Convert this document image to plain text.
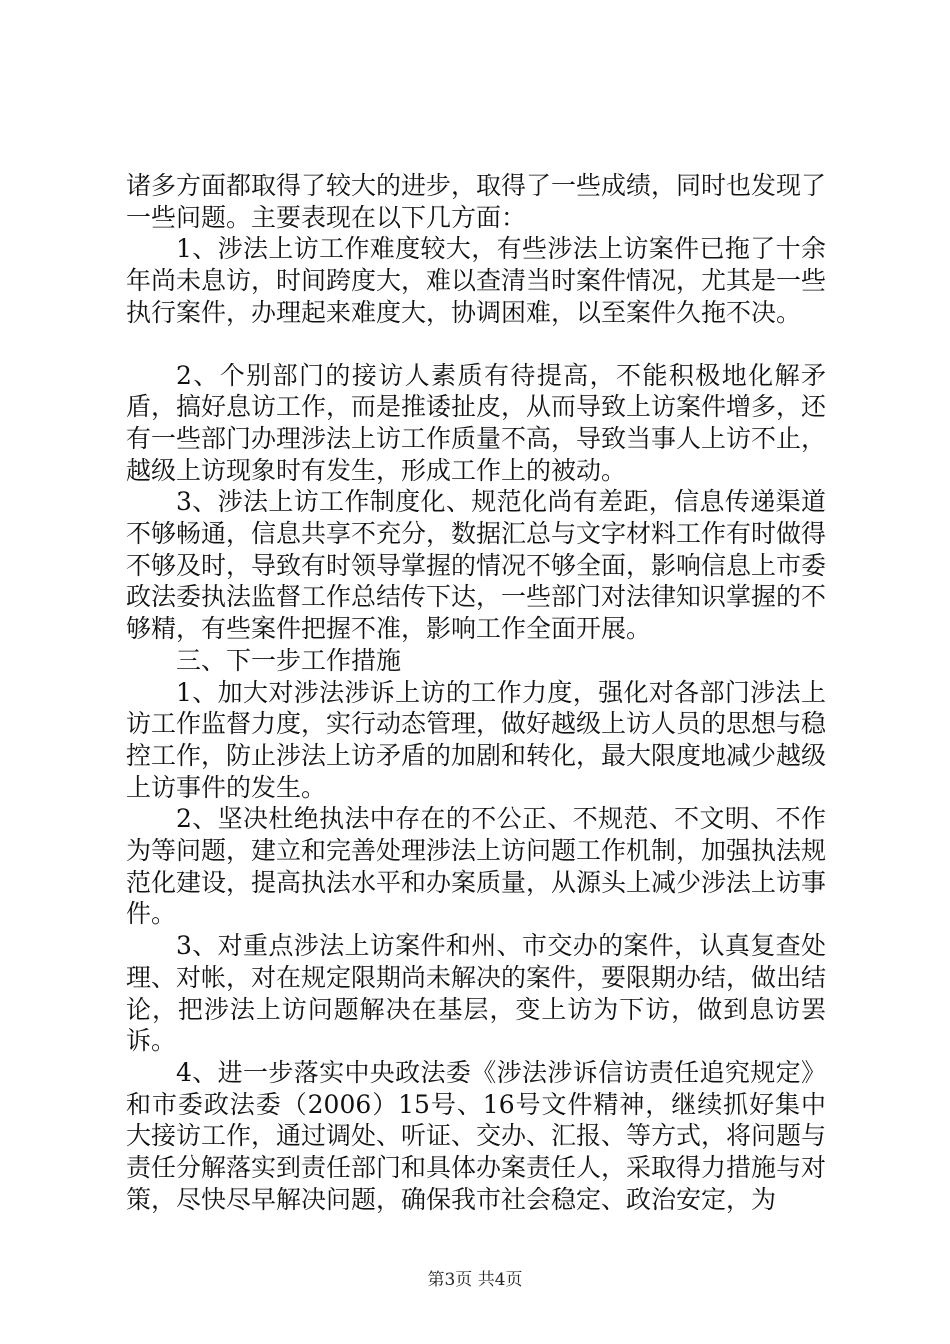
诸多方面都取得了较大的进步，取得了一些成绩，同时也发现了一些问题。主要表现在以下几方面：

1、涉法上访工作难度较大，有些涉法上访案件已拖了十余年尚未息访，时间跨度大，难以查清当时案件情况，尤其是一些执行案件，办理起来难度大，协调困难，以至案件久拖不决。

2、个别部门的接访人素质有待提高，不能积极地化解矛盾，搞好息访工作，而是推诿扯皮，从而导致上访案件增多，还有一些部门办理涉法上访工作质量不高，导致当事人上访不止，越级上访现象时有发生，形成工作上的被动。

3、涉法上访工作制度化、规范化尚有差距，信息传递渠道不够畅通，信息共享不充分，数据汇总与文字材料工作有时做得不够及时，导致有时领导掌握的情况不够全面，影响信息上市委政法委执法监督工作总结传下达，一些部门对法律知识掌握的不够精，有些案件把握不准，影响工作全面开展。

三、下一步工作措施

1、加大对涉法涉诉上访的工作力度，强化对各部门涉法上访工作监督力度，实行动态管理，做好越级上访人员的思想与稳控工作，防止涉法上访矛盾的加剧和转化，最大限度地减少越级上访事件的发生。

2、坚决杜绝执法中存在的不公正、不规范、不文明、不作为等问题，建立和完善处理涉法上访问题工作机制，加强执法规范化建设，提高执法水平和办案质量，从源头上减少涉法上访事件。

3、对重点涉法上访案件和州、市交办的案件，认真复查处理、对帐，对在规定限期尚未解决的案件，要限期办结，做出结论，把涉法上访问题解决在基层，变上访为下访，做到息访罢诉。

4、进一步落实中央政法委《涉法涉诉信访责任追究规定》和市委政法委（2006）15号、16号文件精神，继续抓好集中大接访工作，通过调处、听证、交办、汇报、等方式，将问题与责任分解落实到责任部门和具体办案责任人，采取得力措施与对策，尽快尽早解决问题，确保我市社会稳定、政治安定，为

第3页 共4页
